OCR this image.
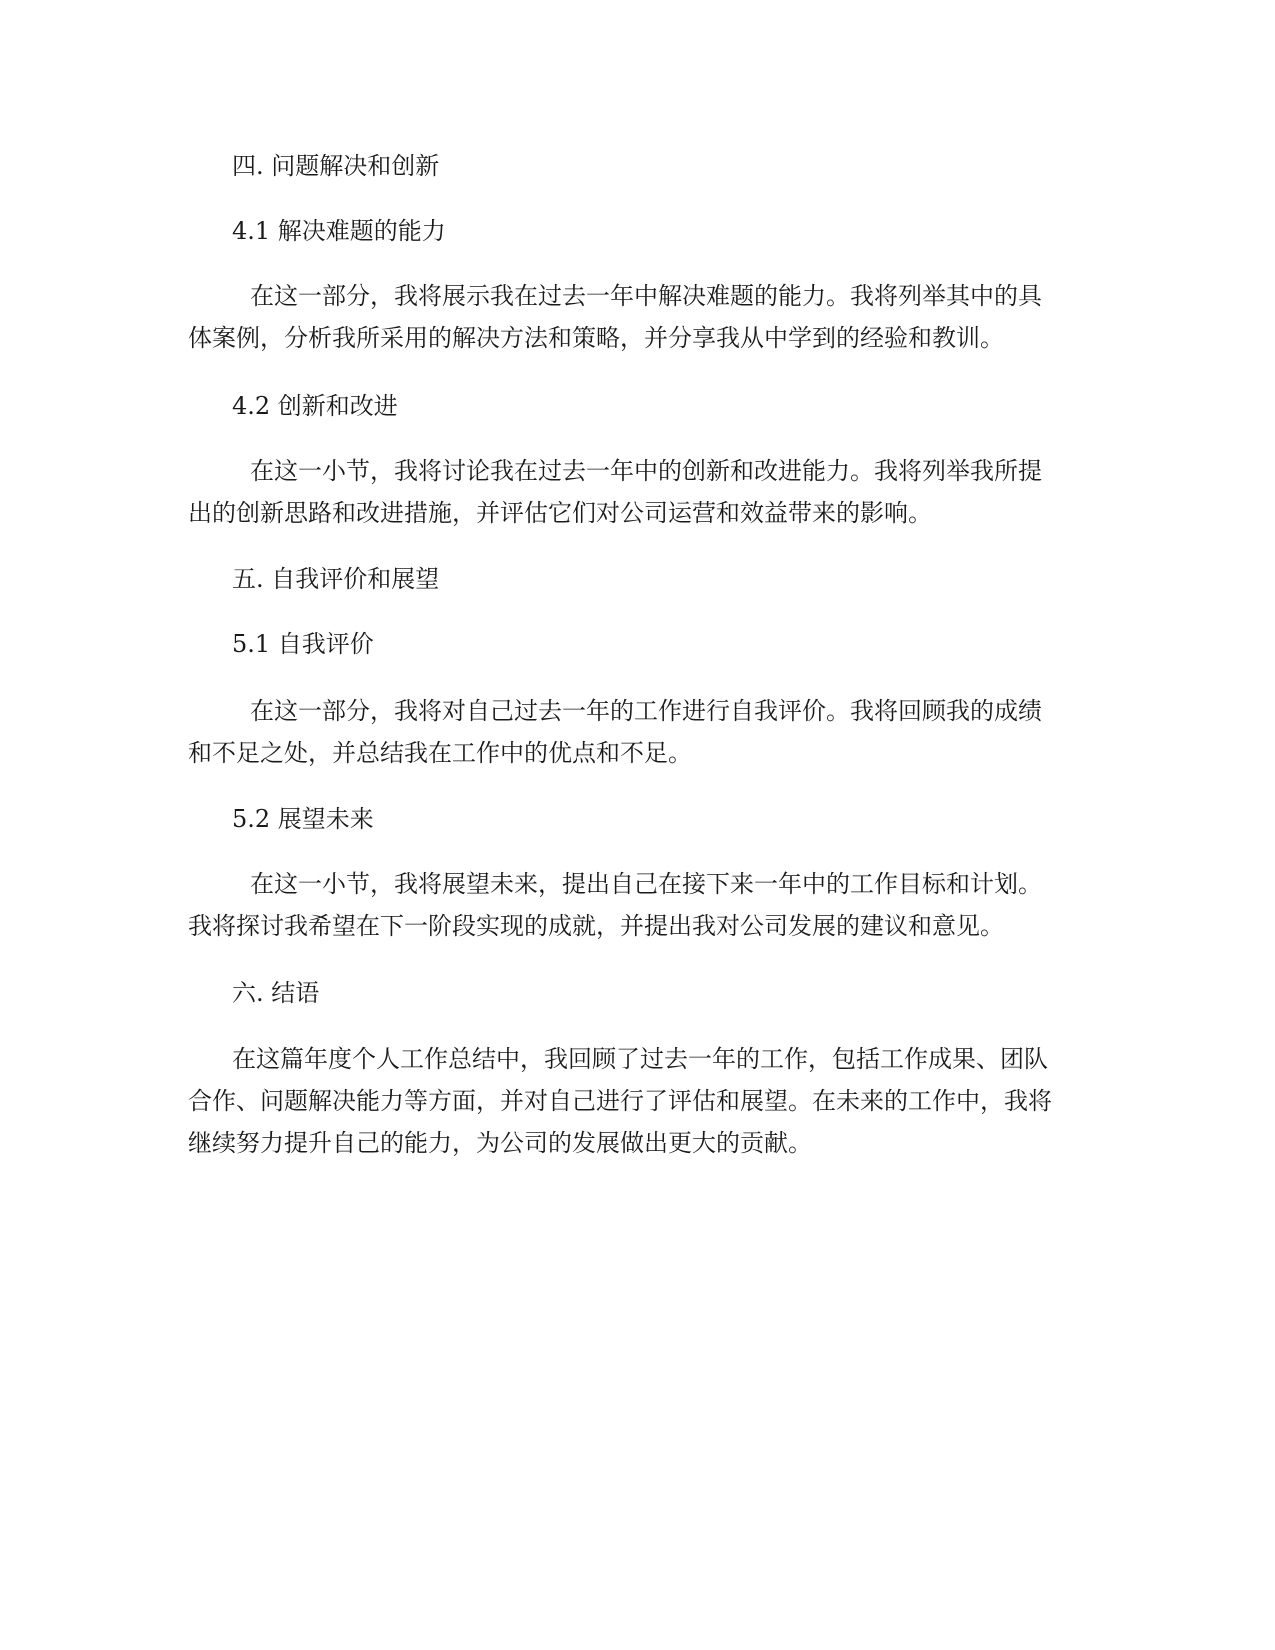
四. 问题解决和创新

4.1 解决难题的能力

在这一部分，我将展示我在过去一年中解决难题的能力。我将列举其中的具

体案例，分析我所采用的解决方法和策略，并分享我从中学到的经验和教训。

4.2 创新和改进

在这一小节，我将讨论我在过去一年中的创新和改进能力。我将列举我所提

出的创新思路和改进措施，并评估它们对公司运营和效益带来的影响。

五. 自我评价和展望

5.1 自我评价

在这一部分，我将对自己过去一年的工作进行自我评价。我将回顾我的成绩

和不足之处，并总结我在工作中的优点和不足。

5.2 展望未来

在这一小节，我将展望未来，提出自己在接下来一年中的工作目标和计划。

我将探讨我希望在下一阶段实现的成就，并提出我对公司发展的建议和意见。

六. 结语

在这篇年度个人工作总结中，我回顾了过去一年的工作，包括工作成果、团队

合作、问题解决能力等方面，并对自己进行了评估和展望。在未来的工作中，我将

继续努力提升自己的能力，为公司的发展做出更大的贡献。
